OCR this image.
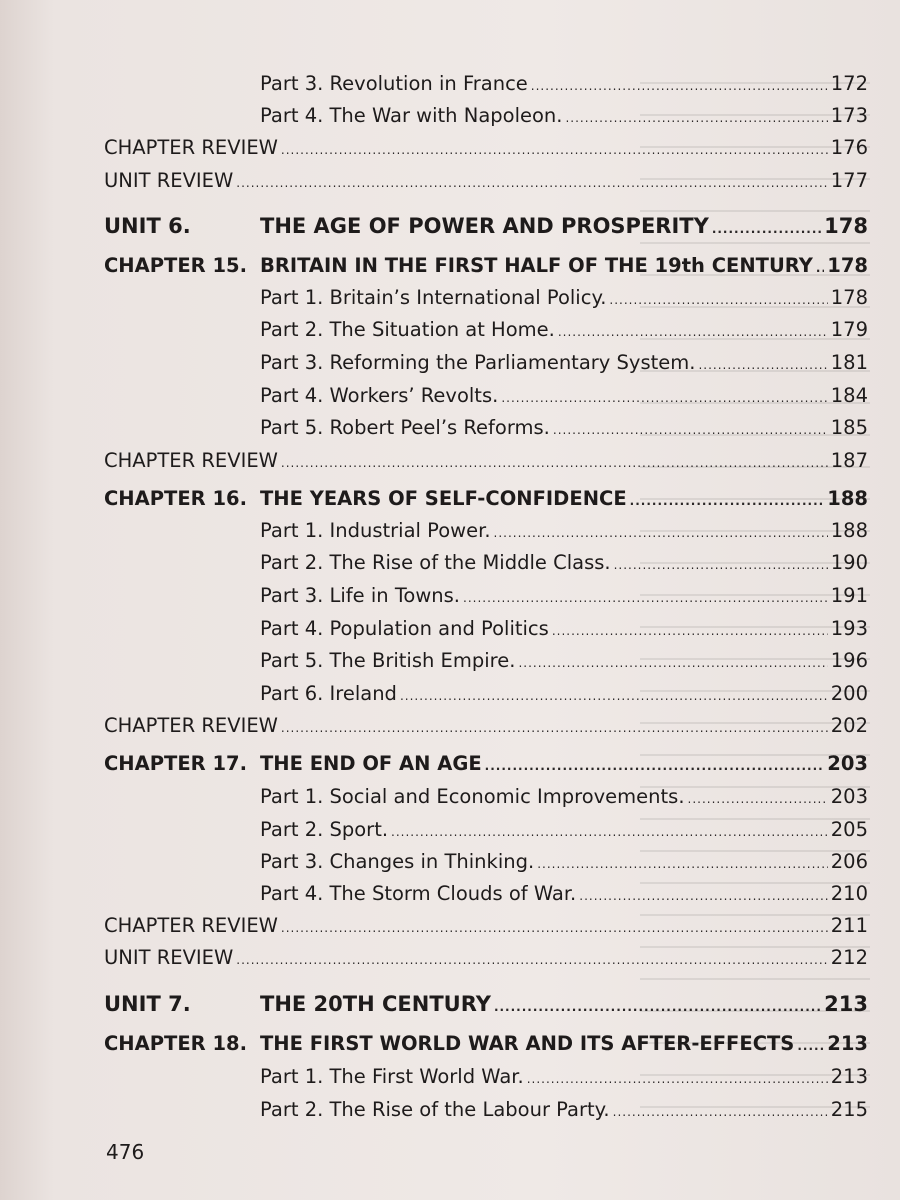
Part 3. Revolution in France .....	172
Part 4. The War with Napoleon. .....	173
CHAPTER REVIEW .....	176
UNIT REVIEW .....	177
UNIT 6.	THE AGE OF POWER AND PROSPERITY .....	178
CHAPTER 15. BRITAIN IN THE FIRST HALF OF THE 19th CENTURY ..... 178
Part 1. Britain’s International Policy. .....	178
Part 2. The Situation at Home. .....	179
Part 3. Reforming the Parliamentary System. .....	181
Part 4. Workers’ Revolts. .....	184
Part 5. Robert Peel’s Reforms. .....	185
CHAPTER REVIEW .....	187
CHAPTER 16. THE YEARS OF SELF-CONFIDENCE .....	188
Part 1. Industrial Power. .....	188
Part 2. The Rise of the Middle Class. .....	190
Part 3. Life in Towns. .....	191
Part 4. Population and Politics .....	193
Part 5. The British Empire. .....	196
Part 6. Ireland .....	200
CHAPTER REVIEW .....	202
CHAPTER 17. THE END OF AN AGE .....	203
Part 1. Social and Economic Improvements. .....	203
Part 2. Sport. .....	205
Part 3. Changes in Thinking. .....	206
Part 4. The Storm Clouds of War. .....	210
CHAPTER REVIEW .....	211
UNIT REVIEW .....	212
UNIT 7.	THE 20TH CENTURY .....	213
CHAPTER 18. THE FIRST WORLD WAR AND ITS AFTER-EFFECTS ..... 213
Part 1. The First World War. .....	213
Part 2. The Rise of the Labour Party. .....	215
476
